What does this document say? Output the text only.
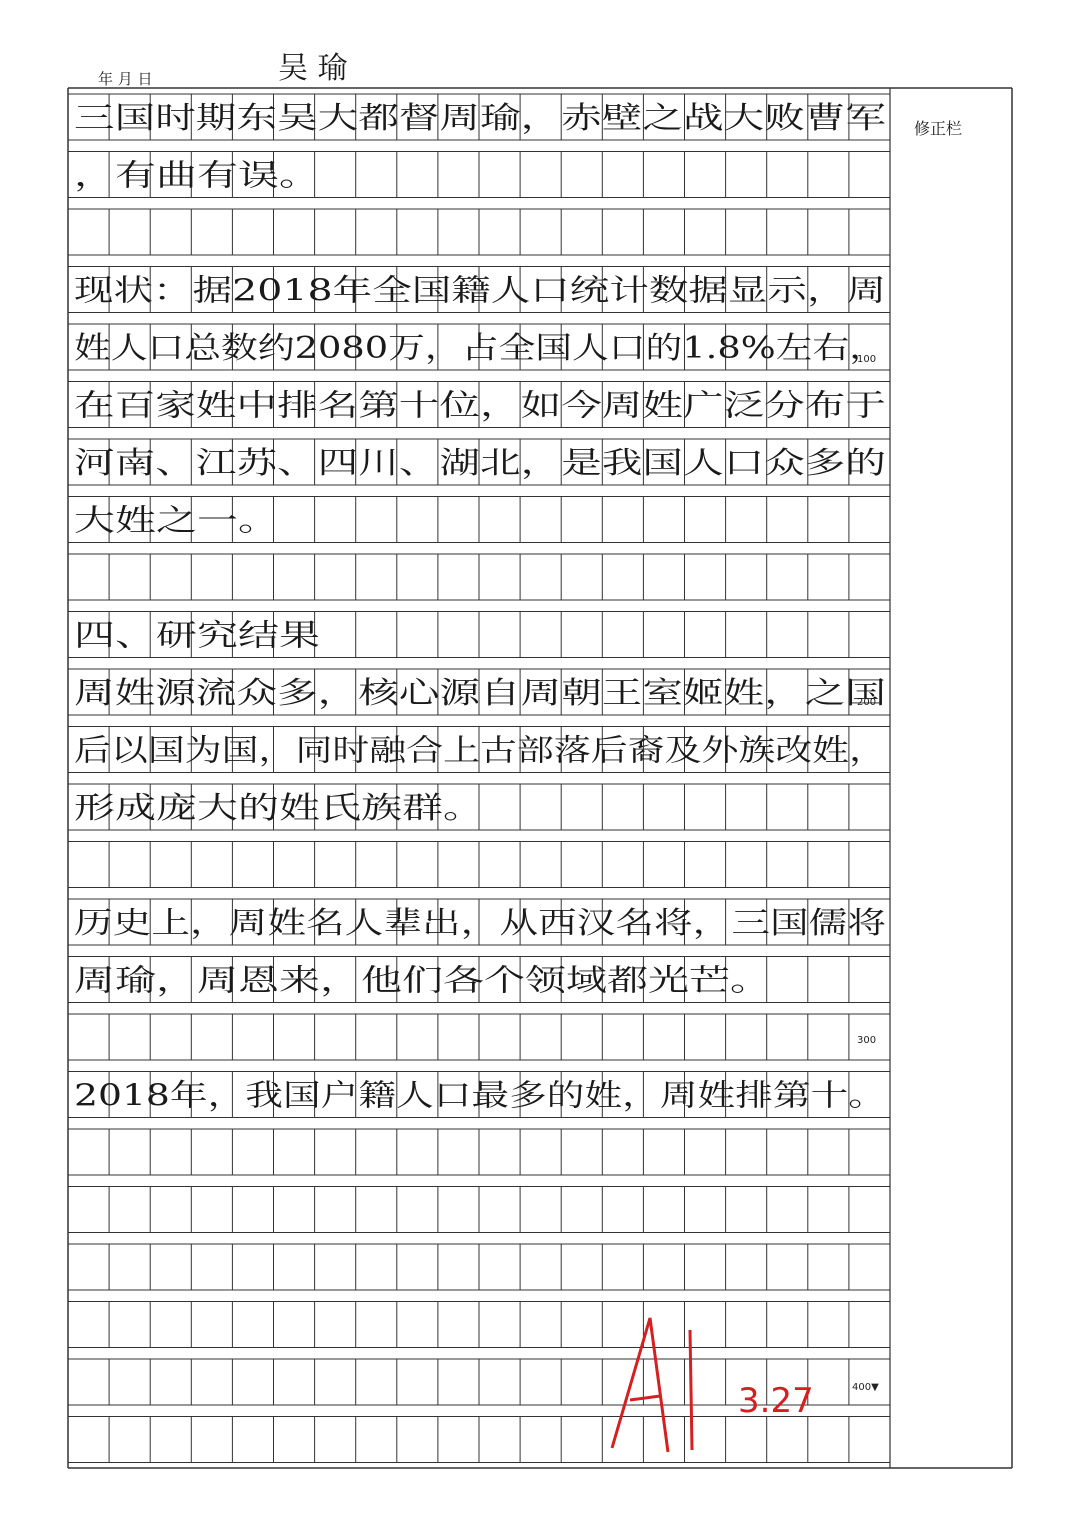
年 月 日	吴 瑜
修正栏
100
200
300
400▼
三国时期东吴大都督周瑜，赤壁之战大败曹军
，有曲有误。
现状：据2018年全国籍人口统计数据显示，周
姓人口总数约2080万，占全国人口的1.8%左右，
在百家姓中排名第十位，如今周姓广泛分布于
河南、江苏、四川、湖北，是我国人口众多的
大姓之一。
四、研究结果
周姓源流众多，核心源自周朝王室姬姓，之国
后以国为国，同时融合上古部落后裔及外族改姓，
形成庞大的姓氏族群。
历史上，周姓名人辈出，从西汉名将，三国儒将
周瑜，周恩来，他们各个领域都光芒。
2018年，我国户籍人口最多的姓，周姓排第十。
3.27
